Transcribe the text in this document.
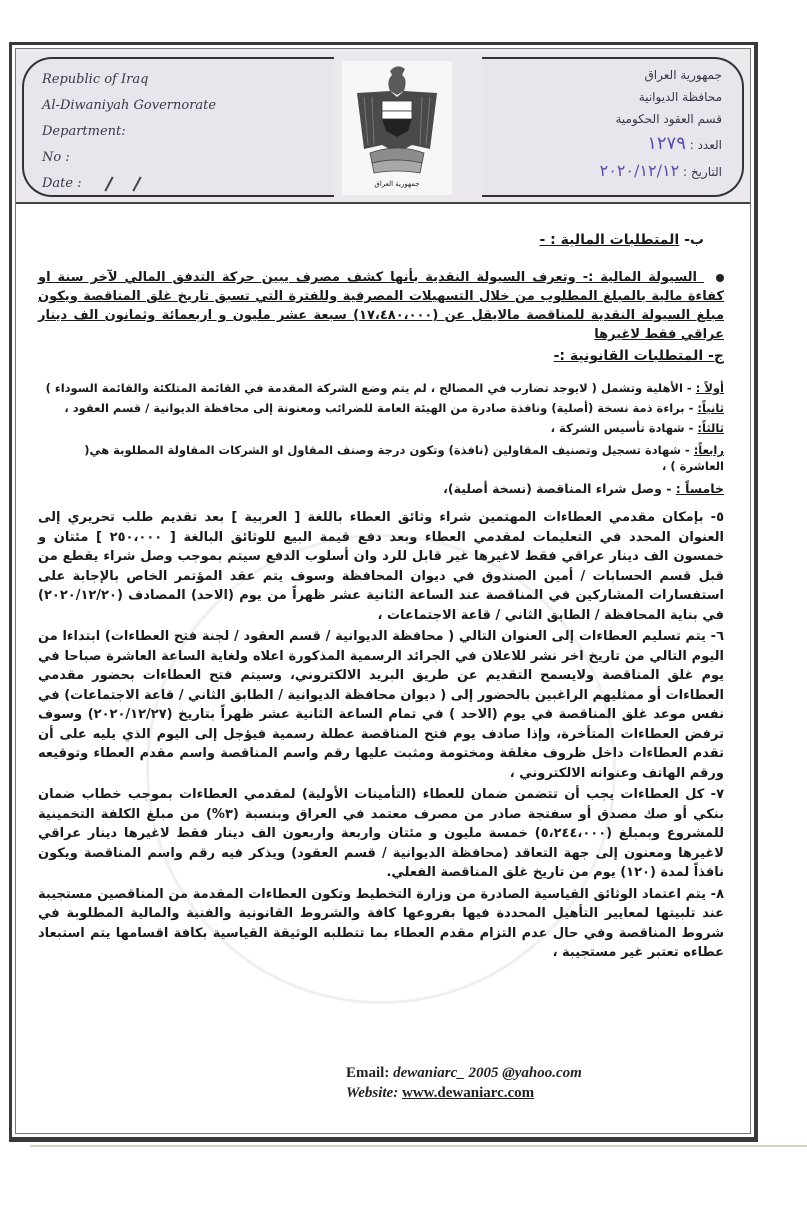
Republic of Iraq
Al-Diwaniyah Governorate
Department:
No :
Date :	جمهورية العراق
جمهورية العراق
محافظة الديوانية
قسم العقود الحكومية
العدد : ١٢٧٩
التاريخ : ٢٠٢٠/١٢/١٢
ب- المتطلبات المالية : -
السيولة المالية :- وتعرف السيولة النقدية بأنها كشف مصرف يبين حركة التدفق المالي لآخر سنة او كفاءة مالية بالمبلغ المطلوب من خلال التسهيلات المصرفية وللفترة التي تسبق تاريخ غلق المناقصة ويكون مبلغ السيولة النقدية للمناقصة مالايقل عن (١٧،٤٨٠،٠٠٠) سبعة عشر مليون و اربعمائة وثمانون الف دينار عراقي فقط لاغيرها
ج- المتطلبات القانونية :-
أولاً : - الأهلية وتشمل ( لايوجد تضارب في المصالح ، لم يتم وضع الشركة المقدمة في القائمة المتلكئة والقائمة السوداء )
ثانياً: - براءة ذمة نسخة (أصلية) ونافذة صادرة من الهيئة العامة للضرائب ومعنونة إلى محافظة الديوانية / قسم العقود ،
ثالثاً: - شهادة تأسيس الشركة ،
رابعاً: - شهادة تسجيل وتصنيف المقاولين (نافذة) وتكون درجة وصنف المقاول او الشركات المقاولة المطلوبة هي( العاشرة ) ،
خامساً : - وصل شراء المناقصة (نسخة أصلية)،
٥- بإمكان مقدمي العطاءات المهتمين شراء وثائق العطاء باللغة [ العربية ] بعد تقديم طلب تحريري إلى العنوان المحدد في التعليمات لمقدمي العطاء وبعد دفع قيمة البيع للوثائق البالغة [ ٢٥٠،٠٠٠ ] مئتان و خمسون الف دينار عراقي فقط لاغيرها غير قابل للرد وان أسلوب الدفع سيتم بموجب وصل شراء يقطع من قبل قسم الحسابات / أمين الصندوق في ديوان المحافظة وسوف يتم عقد المؤتمر الخاص بالإجابة على استفسارات المشاركين في المناقصة عند الساعة الثانية عشر ظهراً من يوم (الاحد) المصادف (٢٠٢٠/١٢/٢٠) في بناية المحافظة / الطابق الثاني / قاعة الاجتماعات ،
٦- يتم تسليم العطاءات إلى العنوان التالي ( محافظة الديوانية / قسم العقود / لجنة فتح العطاءات) ابتداءا من اليوم التالي من تاريخ اخر نشر للاعلان في الجرائد الرسمية المذكورة اعلاه ولغاية الساعة العاشرة صباحا في يوم غلق المناقصة ولايسمح التقديم عن طريق البريد الالكتروني، وسيتم فتح العطاءات بحضور مقدمي العطاءات أو ممثليهم الراغبين بالحضور إلى ( ديوان محافظة الديوانية / الطابق الثاني / قاعة الاجتماعات) في نفس موعد غلق المناقصة في يوم (الاحد ) في تمام الساعة الثانية عشر ظهراً بتاريخ (٢٠٢٠/١٢/٢٧) وسوف ترفض العطاءات المتأخرة، وإذا صادف يوم فتح المناقصة عطلة رسمية فيؤجل إلى اليوم الذي يليه على أن تقدم العطاءات داخل ظروف مغلقة ومختومة ومثبت عليها رقم واسم المناقصة واسم مقدم العطاء وتوقيعه ورقم الهاتف وعنوانه الالكتروني ،
٧- كل العطاءات يجب أن تتضمن ضمان للعطاء (التأمينات الأولية) لمقدمي العطاءات بموجب خطاب ضمان بنكي أو صك مصدق أو سفتجة صادر من مصرف معتمد في العراق وبنسبة (٣%) من مبلغ الكلفة التخمينية للمشروع وبمبلغ (٥،٢٤٤،٠٠٠) خمسة مليون و مئتان واربعة واربعون الف دينار فقط لاغيرها دينار عراقي لاغيرها ومعنون إلى جهة التعاقد (محافظة الديوانية / قسم العقود) ويذكر فيه رقم واسم المناقصة ويكون نافذاً لمدة (١٢٠) يوم من تاريخ غلق المناقصة الفعلي.
٨- يتم اعتماد الوثائق القياسية الصادرة من وزارة التخطيط وتكون العطاءات المقدمة من المناقصين مستجيبة عند تلبيتها لمعايير التأهيل المحددة فيها بفروعها كافة والشروط القانونية والفنية والمالية المطلوبة في شروط المناقصة وفي حال عدم التزام مقدم العطاء بما تتطلبه الوثيقة القياسية بكافة اقسامها يتم استبعاد عطاءه تعتبر غير مستجيبة ،
Email: dewaniarc_ 2005 @yahoo.com
Website: www.dewaniarc.com
